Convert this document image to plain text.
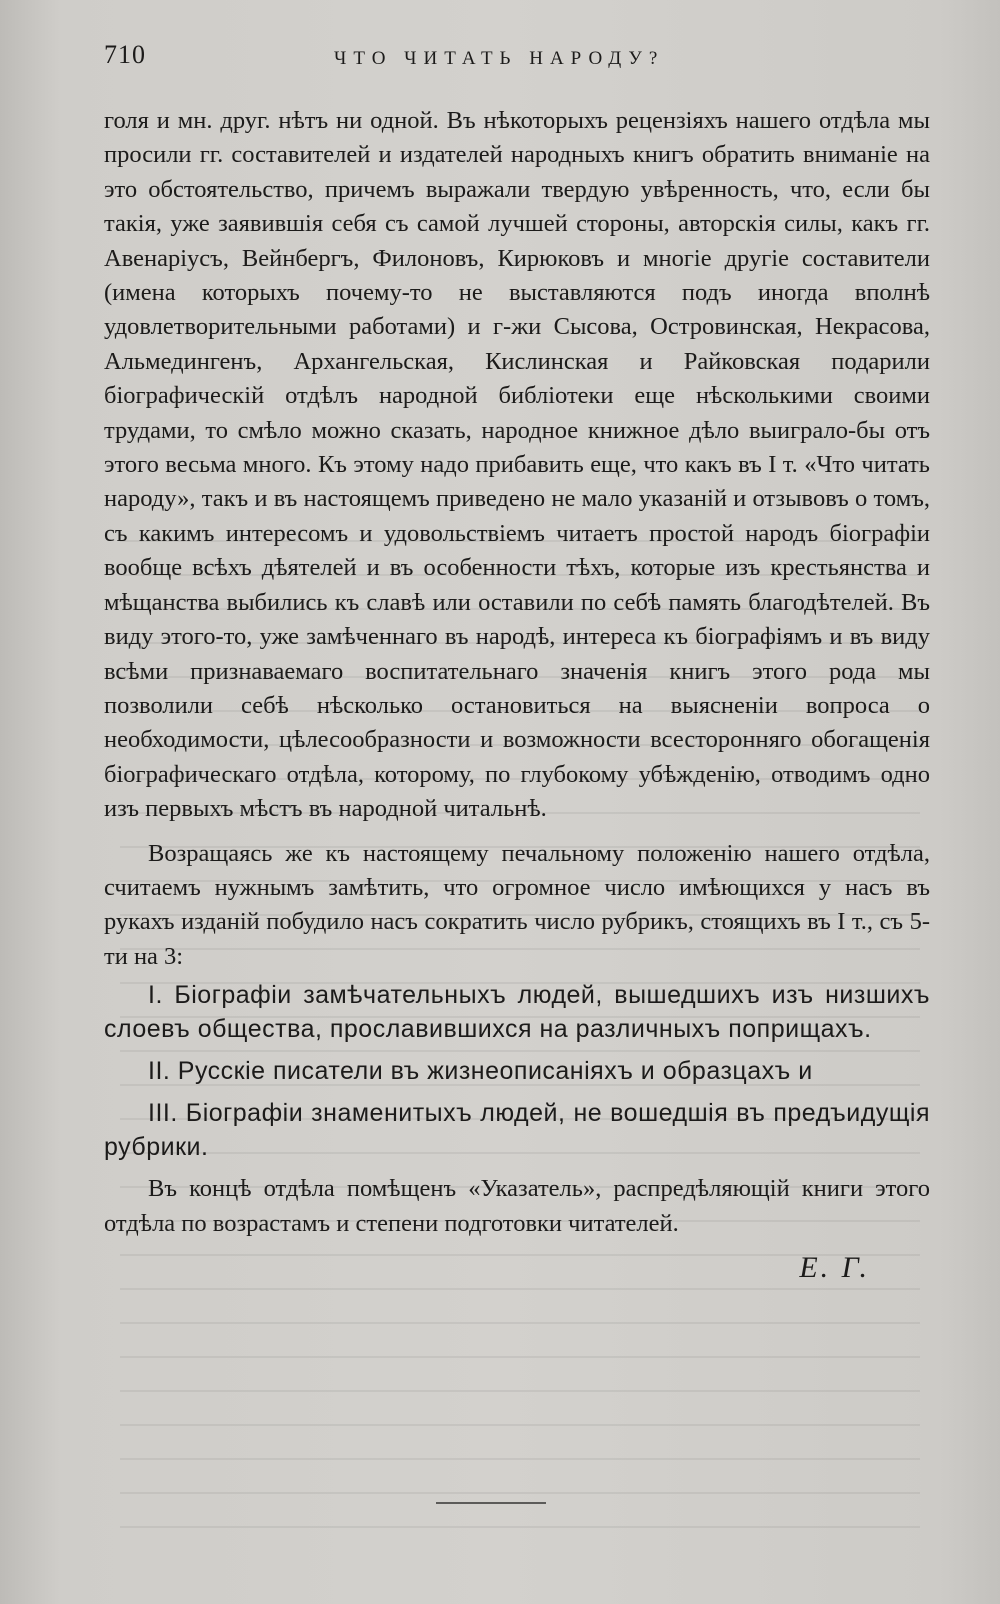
710	ЧТО ЧИТАТЬ НАРОДУ?

голя и мн. друг. нѣтъ ни одной. Въ нѣкоторыхъ рецензіяхъ нашего отдѣла мы просили гг. составителей и издателей народныхъ книгъ обратить вниманіе на это обстоятельство, причемъ выражали твердую увѣренность, что, если бы такія, уже заявившія себя съ самой лучшей стороны, авторскія силы, какъ гг. Авенаріусъ, Вейнбергъ, Филоновъ, Кирюковъ и многіе другіе составители (имена которыхъ почему-то не выставляются подъ иногда вполнѣ удовлетворительными работами) и г-жи Сысова, Островинская, Некрасова, Альмедингенъ, Архангельская, Кислинская и Райковская подарили біографическій отдѣлъ народной библіотеки еще нѣсколькими своими трудами, то смѣло можно сказать, народное книжное дѣло выиграло-бы отъ этого весьма много. Къ этому надо прибавить еще, что какъ въ I т. «Что читать народу», такъ и въ настоящемъ приведено не мало указаній и отзывовъ о томъ, съ какимъ интересомъ и удовольствіемъ читаетъ простой народъ біографіи вообще всѣхъ дѣятелей и въ особенности тѣхъ, которые изъ крестьянства и мѣщанства выбились къ славѣ или оставили по себѣ память благодѣтелей. Въ виду этого-то, уже замѣченнаго въ народѣ, интереса къ біографіямъ и въ виду всѣми признаваемаго воспитательнаго значенія книгъ этого рода мы позволили себѣ нѣсколько остановиться на выясненіи вопроса о необходимости, цѣлесообразности и возможности всесторонняго обогащенія біографическаго отдѣла, которому, по глубокому убѣжденію, отводимъ одно изъ первыхъ мѣстъ въ народной читальнѣ.

Возращаясь же къ настоящему печальному положенію нашего отдѣла, считаемъ нужнымъ замѣтить, что огромное число имѣющихся у насъ въ рукахъ изданій побудило насъ сократить число рубрикъ, стоящихъ въ I т., съ 5-ти на 3:

I. Біографіи замѣчательныхъ людей, вышедшихъ изъ низшихъ слоевъ общества, прославившихся на различныхъ поприщахъ.
II. Русскіе писатели въ жизнеописаніяхъ и образцахъ и
III. Біографіи знаменитыхъ людей, не вошедшія въ предъидущія рубрики.

Въ концѣ отдѣла помѣщенъ «Указатель», распредѣляющій книги этого отдѣла по возрастамъ и степени подготовки читателей.

Е. Г.
